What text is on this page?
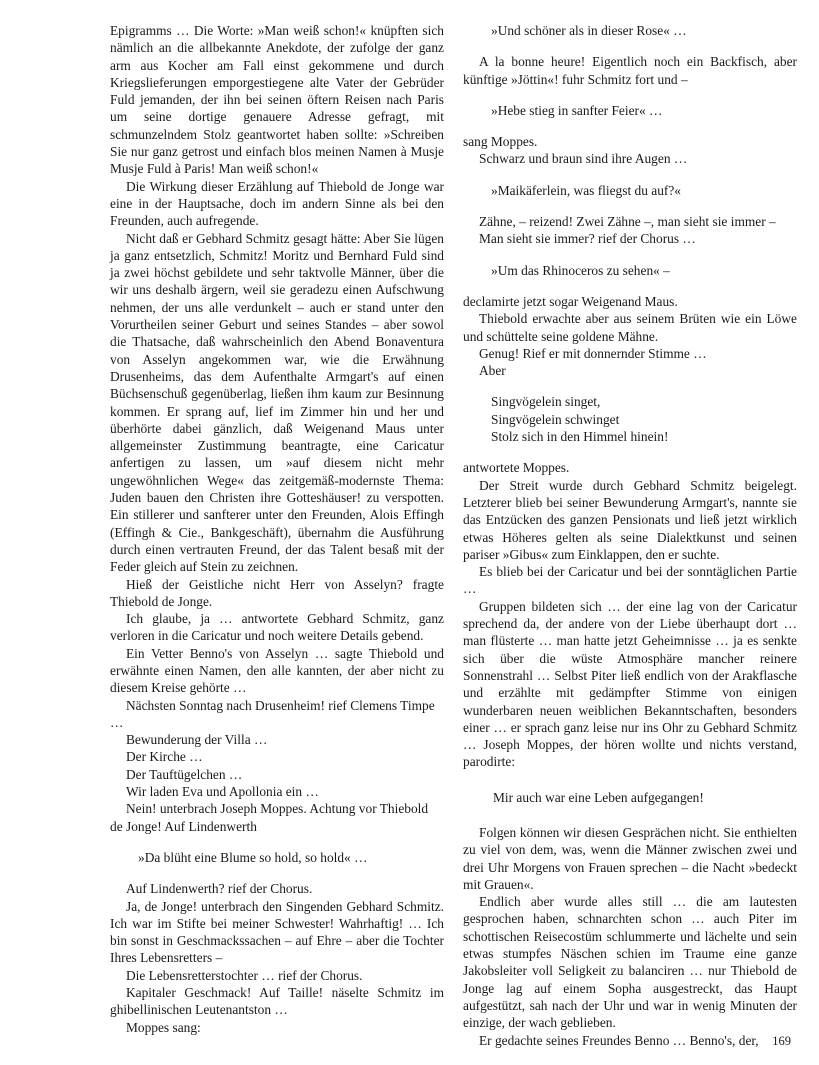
Epigramms … Die Worte: »Man weiß schon!« knüpften sich nämlich an die allbekannte Anekdote, der zufolge der ganz arm aus Kocher am Fall einst gekommene und durch Kriegslieferungen emporgestiegene alte Vater der Gebrüder Fuld jemanden, der ihn bei seinen öftern Reisen nach Paris um seine dortige genauere Adresse gefragt, mit schmunzelndem Stolz geantwortet haben sollte: »Schreiben Sie nur ganz getrost und einfach blos meinen Namen à Musje Musje Fuld à Paris! Man weiß schon!«

Die Wirkung dieser Erzählung auf Thiebold de Jonge war eine in der Hauptsache, doch im andern Sinne als bei den Freunden, auch aufregende.

Nicht daß er Gebhard Schmitz gesagt hätte: Aber Sie lügen ja ganz entsetzlich, Schmitz! Moritz und Bernhard Fuld sind ja zwei höchst gebildete und sehr taktvolle Männer, über die wir uns deshalb ärgern, weil sie geradezu einen Aufschwung nehmen, der uns alle verdunkelt – auch er stand unter den Vorurtheilen seiner Geburt und seines Standes – aber sowol die Thatsache, daß wahrscheinlich den Abend Bonaventura von Asselyn angekommen war, wie die Erwähnung Drusenheims, das dem Aufenthalte Armgart's auf einen Büchsenschuß gegenüberlag, ließen ihm kaum zur Besinnung kommen. Er sprang auf, lief im Zimmer hin und her und überhörte dabei gänzlich, daß Weigenand Maus unter allgemeinster Zustimmung beantragte, eine Caricatur anfertigen zu lassen, um »auf diesem nicht mehr ungewöhnlichen Wege« das zeitgemäß-modernste Thema: Juden bauen den Christen ihre Gotteshäuser! zu verspotten. Ein stillerer und sanfterer unter den Freunden, Alois Effingh (Effingh & Cie., Bankgeschäft), übernahm die Ausführung durch einen vertrauten Freund, der das Talent besaß mit der Feder gleich auf Stein zu zeichnen.

Hieß der Geistliche nicht Herr von Asselyn? fragte Thiebold de Jonge.

Ich glaube, ja … antwortete Gebhard Schmitz, ganz verloren in die Caricatur und noch weitere Details gebend.

Ein Vetter Benno's von Asselyn … sagte Thiebold und erwähnte einen Namen, den alle kannten, der aber nicht zu diesem Kreise gehörte …

Nächsten Sonntag nach Drusenheim! rief Clemens Timpe …

Bewunderung der Villa …

Der Kirche …

Der Tauftügelchen …

Wir laden Eva und Apollonia ein …

Nein! unterbrach Joseph Moppes. Achtung vor Thiebold de Jonge! Auf Lindenwerth

»Da blüht eine Blume so hold, so hold« …

Auf Lindenwerth? rief der Chorus.

Ja, de Jonge! unterbrach den Singenden Gebhard Schmitz. Ich war im Stifte bei meiner Schwester! Wahrhaftig! … Ich bin sonst in Geschmackssachen – auf Ehre – aber die Tochter Ihres Lebensretters –

Die Lebensretterstochter … rief der Chorus.

Kapitaler Geschmack! Auf Taille! näselte Schmitz im ghibellinischen Leutenantston …

Moppes sang:

»Und schöner als in dieser Rose« …

A la bonne heure! Eigentlich noch ein Backfisch, aber künftige »Jöttin«! fuhr Schmitz fort und –

»Hebe stieg in sanfter Feier« …

sang Moppes.

Schwarz und braun sind ihre Augen …

»Maikäferlein, was fliegst du auf?«

Zähne, – reizend! Zwei Zähne –, man sieht sie immer –

Man sieht sie immer? rief der Chorus …

»Um das Rhinoceros zu sehen« –

declamirte jetzt sogar Weigenand Maus.

Thiebold erwachte aber aus seinem Brüten wie ein Löwe und schüttelte seine goldene Mähne.

Genug! Rief er mit donnernder Stimme …

Aber

Singvögelein singet,

Singvögelein schwinget

Stolz sich in den Himmel hinein!

antwortete Moppes.

Der Streit wurde durch Gebhard Schmitz beigelegt. Letzterer blieb bei seiner Bewunderung Armgart's, nannte sie das Entzücken des ganzen Pensionats und ließ jetzt wirklich etwas Höheres gelten als seine Dialektkunst und seinen pariser »Gibus« zum Einklappen, den er suchte.

Es blieb bei der Caricatur und bei der sonntäglichen Partie …

Gruppen bildeten sich … der eine lag von der Caricatur sprechend da, der andere von der Liebe überhaupt dort … man flüsterte … man hatte jetzt Geheimnisse … ja es senkte sich über die wüste Atmosphäre mancher reinere Sonnenstrahl … Selbst Piter ließ endlich von der Arakflasche und erzählte mit gedämpfter Stimme von einigen wunderbaren neuen weiblichen Bekanntschaften, besonders einer … er sprach ganz leise nur ins Ohr zu Gebhard Schmitz … Joseph Moppes, der hören wollte und nichts verstand, parodirte:

Mir auch war eine Leben aufgegangen!

Folgen können wir diesen Gesprächen nicht. Sie enthielten zu viel von dem, was, wenn die Männer zwischen zwei und drei Uhr Morgens von Frauen sprechen – die Nacht »bedeckt mit Grauen«.

Endlich aber wurde alles still … die am lautesten gesprochen haben, schnarchten schon … auch Piter im schottischen Reisecostüm schlummerte und lächelte und sein etwas stumpfes Näschen schien im Traume eine ganze Jakobsleiter voll Seligkeit zu balanciren … nur Thiebold de Jonge lag auf einem Sopha ausgestreckt, das Haupt aufgestützt, sah nach der Uhr und war in wenig Minuten der einzige, der wach geblieben.

Er gedachte seines Freundes Benno … Benno's, der,	169
